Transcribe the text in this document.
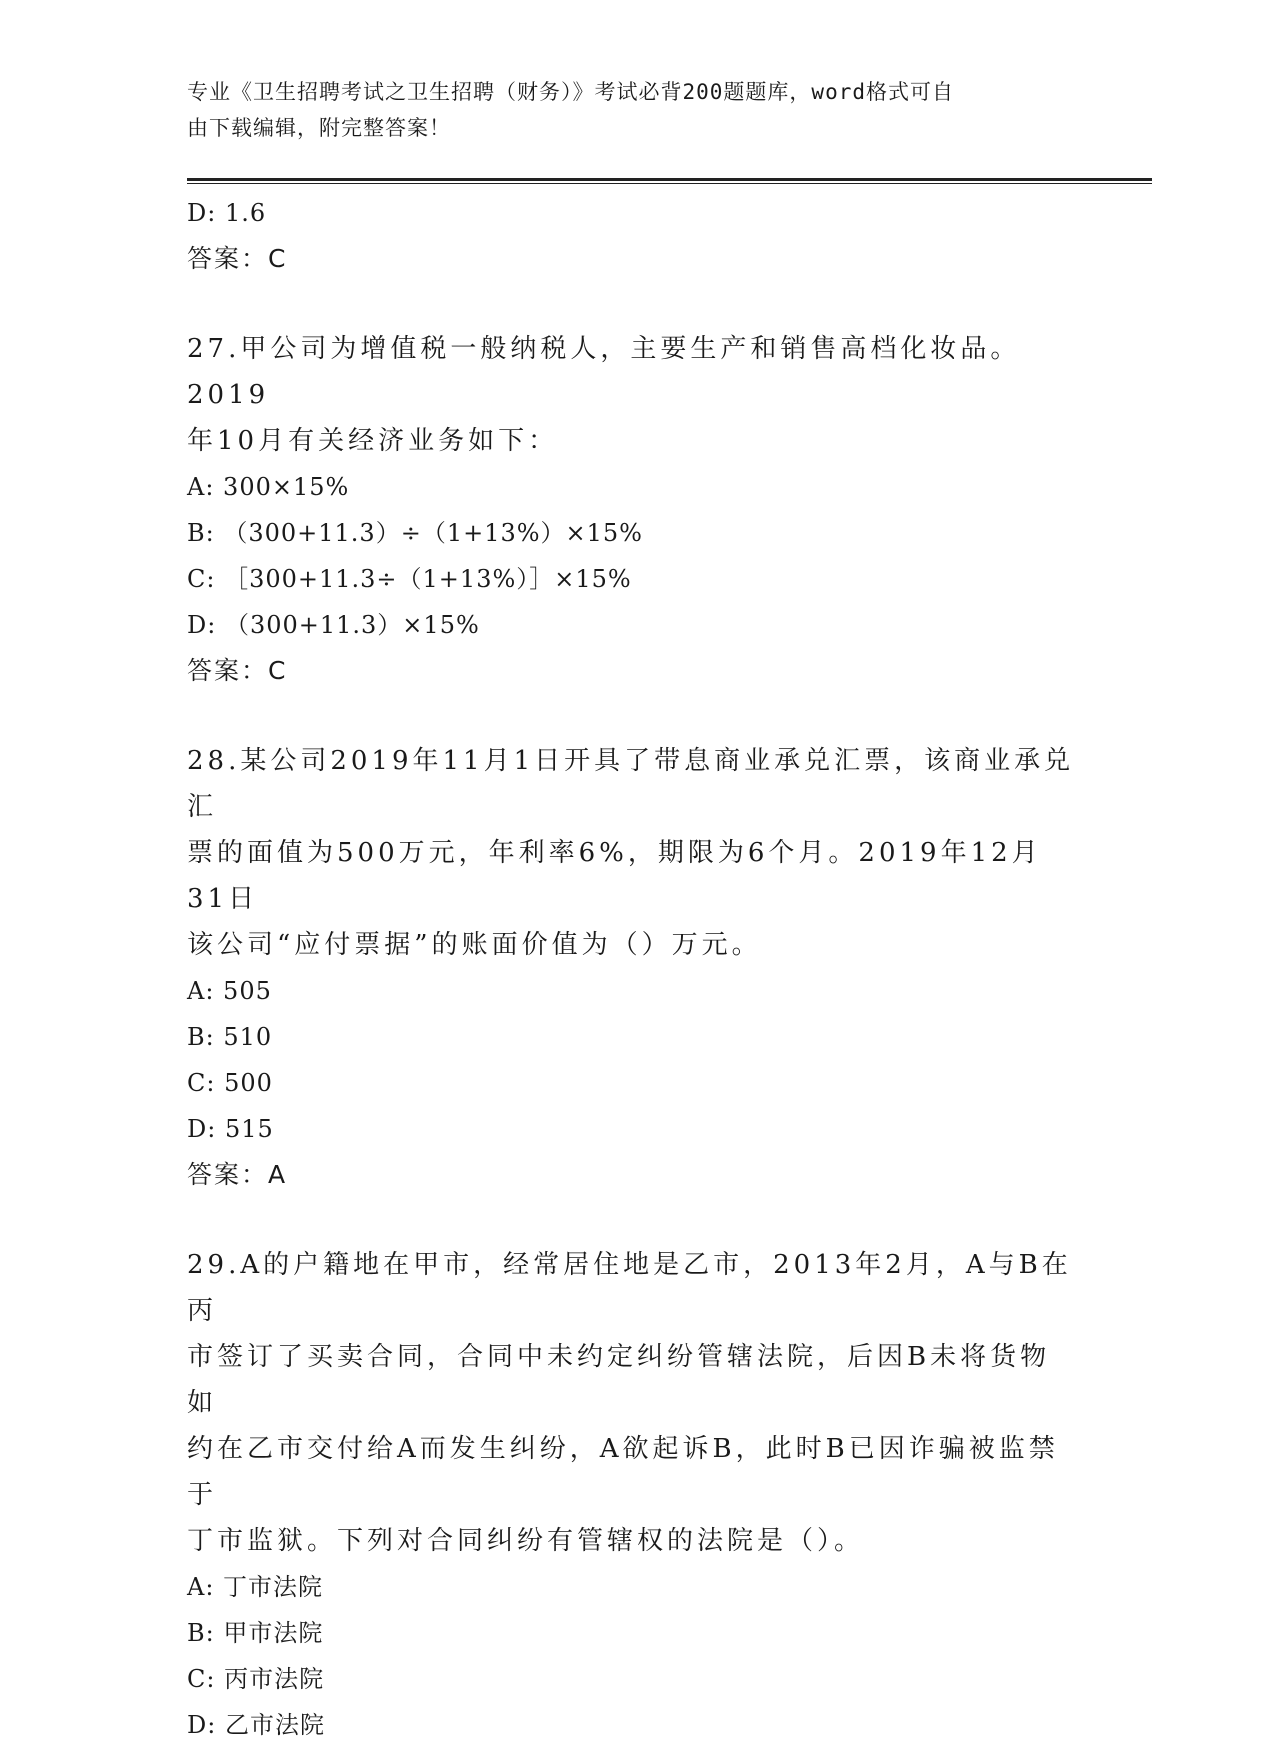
专业《卫生招聘考试之卫生招聘（财务）》考试必背200题题库，word格式可自
由下载编辑，附完整答案！
D: 1.6
答案：C
27.甲公司为增值税一般纳税人，主要生产和销售高档化妆品。2019
年10月有关经济业务如下：
A: 300×15%
B: （300+11.3）÷（1+13%）×15%
C: ［300+11.3÷（1+13%）］×15%
D: （300+11.3）×15%
答案：C
28.某公司2019年11月1日开具了带息商业承兑汇票，该商业承兑汇
票的面值为500万元，年利率6%，期限为6个月。2019年12月31日
该公司“应付票据”的账面价值为（）万元。
A: 505
B: 510
C: 500
D: 515
答案：A
29.A的户籍地在甲市，经常居住地是乙市，2013年2月，A与B在丙
市签订了买卖合同，合同中未约定纠纷管辖法院，后因B未将货物如
约在乙市交付给A而发生纠纷，A欲起诉B，此时B已因诈骗被监禁于
丁市监狱。下列对合同纠纷有管辖权的法院是（）。
A: 丁市法院
B: 甲市法院
C: 丙市法院
D: 乙市法院
